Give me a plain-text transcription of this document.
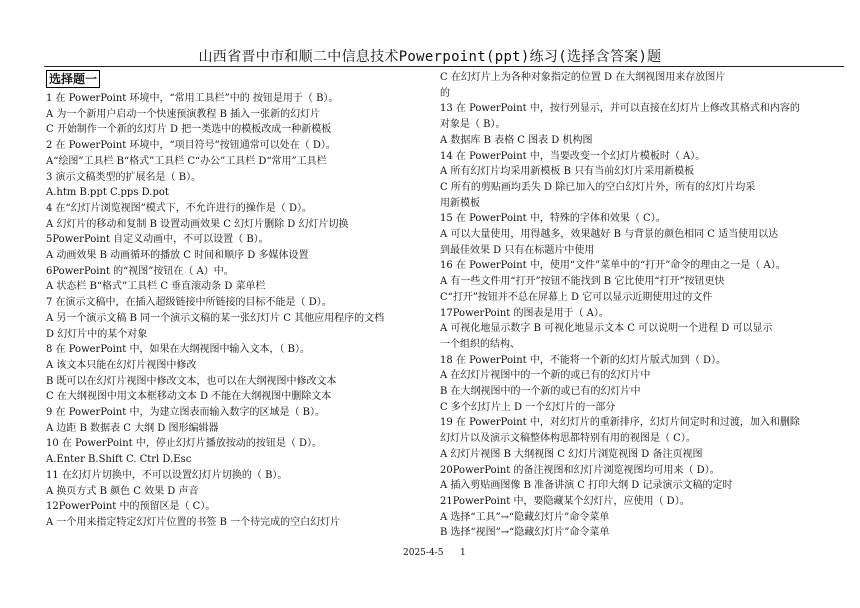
山西省晋中市和顺二中信息技术Powerpoint(ppt)练习(选择含答案)题
选择题一
1 在 PowerPoint 环境中，“常用工具栏”中的 按钮是用于（ B）。
A 为一个新用户启动一个快速预演教程 B 插入一张新的幻灯片
C 开始制作一个新的幻灯片 D 把一类选中的模板改成一种新模板
2 在 PowerPoint 环境中，“项目符号”按钮通常可以处在（ D）。
A“绘图”工具栏 B“格式”工具栏 C“办公”工具栏 D“常用”工具栏
3 演示文稿类型的扩展名是（ B）。
A.htm B.ppt C.pps D.pot
4 在“幻灯片浏览视图”模式下，不允许进行的操作是（ D）。
A 幻灯片的移动和复制 B 设置动画效果 C 幻灯片删除 D 幻灯片切换
5PowerPoint 自定义动画中，不可以设置（ B）。
A 动画效果 B 动画循环的播放 C 时间和顺序 D 多媒体设置
6PowerPoint 的“视图”按钮在（ A）中。
A 状态栏 B“格式”工具栏 C 垂直滚动条 D 菜单栏
7 在演示文稿中，在插入超级链接中所链接的目标不能是（ D）。
A 另一个演示文稿 B 同一个演示文稿的某一张幻灯片 C 其他应用程序的文档
D 幻灯片中的某个对象
8 在 PowerPoint 中，如果在大纲视图中输入文本，（ B）。
A 该文本只能在幻灯片视图中修改
B 既可以在幻灯片视图中修改文本，也可以在大纲视图中修改文本
C 在大纲视图中用文本框移动文本 D 不能在大纲视图中删除文本
9 在 PowerPoint 中，为建立图表而输入数字的区域是（ B）。
A 边距 B 数据表 C 大纲 D 图形编辑器
10 在 PowerPoint 中，停止幻灯片播放按动的按钮是（ D）。
A.Enter B.Shift C. Ctrl D.Esc
11 在幻灯片切换中，不可以设置幻灯片切换的（ B）。
A 换页方式 B 颜色 C 效果 D 声音
12PowerPoint 中的预留区是（ C）。
A 一个用来指定特定幻灯片位置的书签 B 一个待完成的空白幻灯片
C 在幻灯片上为各种对象指定的位置 D 在大纲视图用来存放图片
的
13 在 PowerPoint 中，按行列显示，并可以直接在幻灯片上修改其格式和内容的
对象是（ B）。
A 数据库 B 表格 C 图表 D 机构图
14 在 PowerPoint 中，当要改变一个幻灯片模板时（ A）。
A 所有幻灯片均采用新模板 B 只有当前幻灯片采用新模板
C 所有的剪贴画均丢失 D 除已加入的空白幻灯片外，所有的幻灯片均采
用新模板
15 在 PowerPoint 中，特殊的字体和效果（ C）。
A 可以大量使用，用得越多，效果越好 B 与背景的颜色相同 C 适当使用以达
到最佳效果 D 只有在标题片中使用
16 在 PowerPoint 中，使用“文件”菜单中的“打开”命令的理由之一是（ A）。
A 有一些文件用“打开”按钮不能找到 B 它比使用“打开”按钮更快
C“打开”按钮并不总在屏幕上 D 它可以显示近期使用过的文件
17PowerPoint 的图表是用于（ A）。
A 可视化地显示数字 B 可视化地显示文本 C 可以说明一个进程 D 可以显示
一个组织的结构、
18 在 PowerPoint 中，不能将一个新的幻灯片版式加到（ D）。
A 在幻灯片视图中的一个新的或已有的幻灯片中
B 在大纲视图中的一个新的或已有的幻灯片中
C 多个幻灯片上 D 一个幻灯片的一部分
19 在 PowerPoint 中，对幻灯片的重新排序，幻灯片间定时和过渡，加入和删除
幻灯片以及演示文稿整体构思都特别有用的视图是（ C）。
A 幻灯片视图 B 大纲视图 C 幻灯片浏览视图 D 备注页视图
20PowerPoint 的备注视图和幻灯片浏览视图均可用来（ D）。
A 插入剪贴画图像 B 准备讲演 C 打印大纲 D 记录演示文稿的定时
21PowerPoint 中，要隐藏某个幻灯片，应使用（ D）。
A 选择“工具”→“隐藏幻灯片”命令菜单
B 选择“视图”→“隐藏幻灯片”命令菜单
2025-4-5 1
